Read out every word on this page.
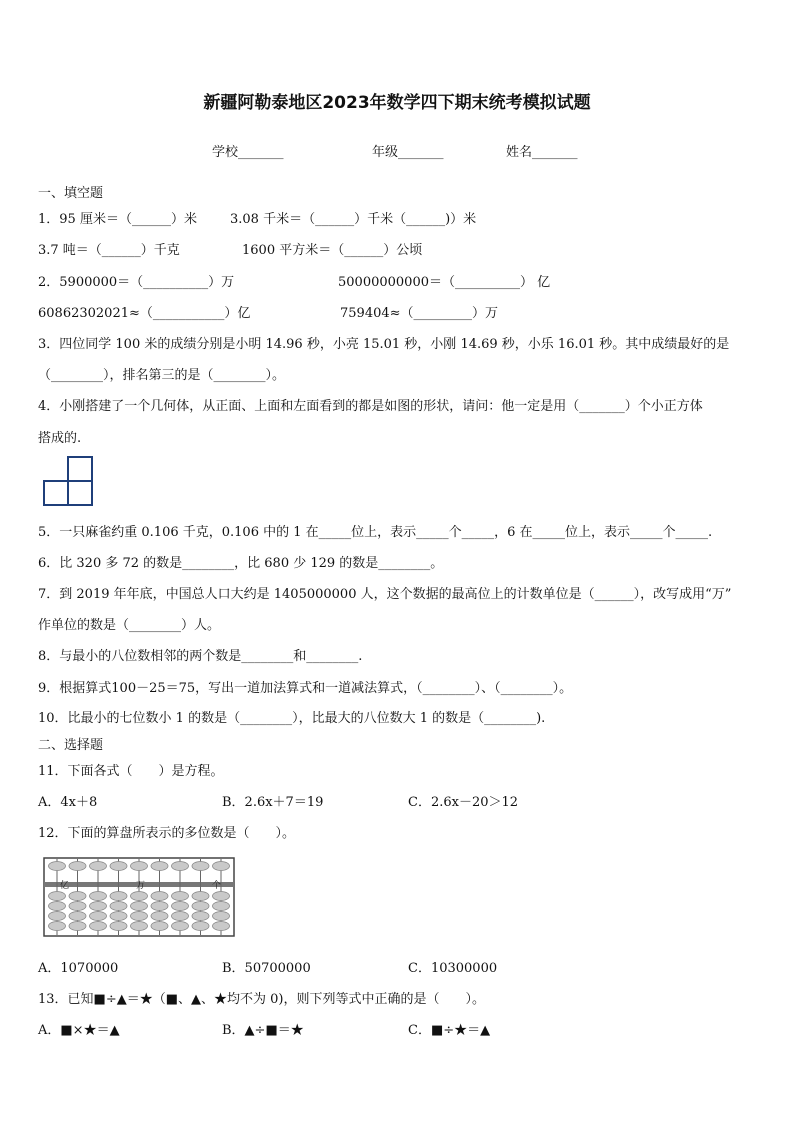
新疆阿勒泰地区2023年数学四下期末统考模拟试题
学校_______	年级_______	姓名_______
一、填空题
1．95 厘米＝（______）米	3.08 千米＝（______）千米（______)）米
3.7 吨＝（______）千克	1600 平方米＝（______）公顷
2．5900000＝（__________）万	50000000000＝（__________） 亿
60862302021≈（___________）亿	759404≈（_________）万
3．四位同学 100 米的成绩分别是小明 14.96 秒，小亮 15.01 秒，小刚 14.69 秒，小乐 16.01 秒。其中成绩最好的是
（________），排名第三的是（________）。
4．小刚搭建了一个几何体，从正面、上面和左面看到的都是如图的形状，请问：他一定是用（_______）个小正方体
搭成的.
5．一只麻雀约重 0.106 千克，0.106 中的 1 在_____位上，表示_____个_____，6 在_____位上，表示_____个_____.
6．比 320 多 72 的数是________，比 680 少 129 的数是________。
7．到 2019 年年底，中国总人口大约是 1405000000 人，这个数据的最高位上的计数单位是（______），改写成用“万”
作单位的数是（________）人。
8．与最小的八位数相邻的两个数是________和________.
9．根据算式100－25＝75，写出一道加法算式和一道减法算式，（________）、（________）。
10．比最小的七位数小 1 的数是（________），比最大的八位数大 1 的数是（________).
二、选择题
11．下面各式（　　）是方程。
A．4x＋8	B．2.6x＋7＝19	C．2.6x－20＞12
12．下面的算盘所表示的多位数是（　　）。
亿	万	个
A．1070000	B．50700000	C．10300000
13．已知■÷▲＝★（■、▲、★均不为 0)，则下列等式中正确的是（　　）。
A．■×★＝▲	B．▲÷■＝★	C．■÷★＝▲
